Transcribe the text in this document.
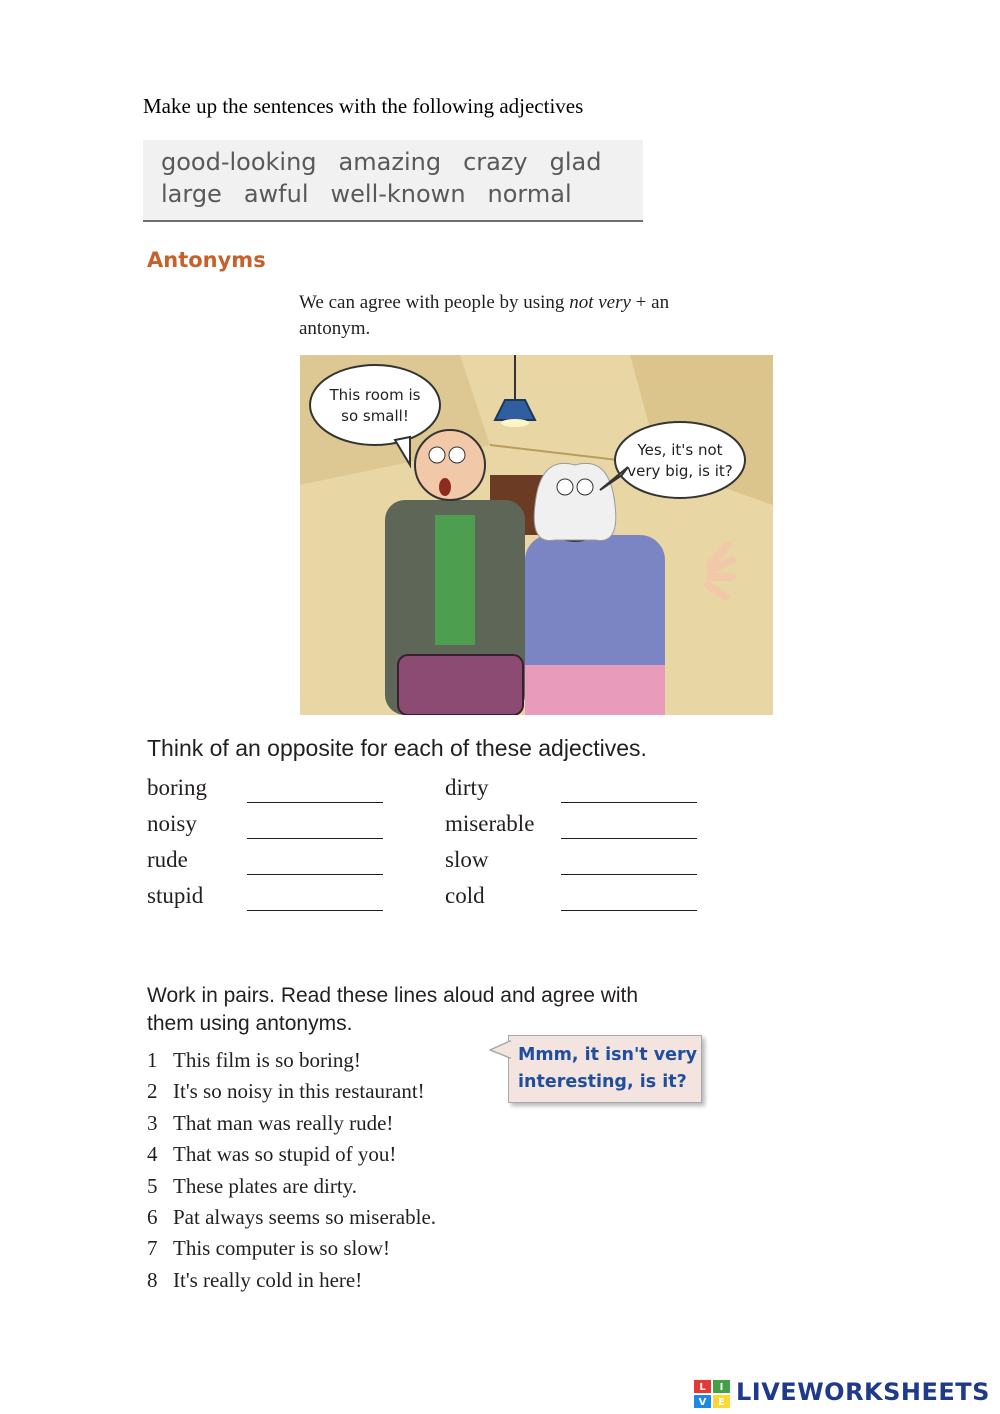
Make up the sentences with the following adjectives
good-looking amazing crazy glad
large awful well-known normal
Antonyms
We can agree with people by using not very + an antonym.
This room is
so small!
Yes, it's not
very big, is it?
Think of an opposite for each of these adjectives.
boring	dirty
noisy	miserable
rude	slow
stupid	cold
Work in pairs. Read these lines aloud and agree with them using antonyms.
1 This film is so boring!
2 It's so noisy in this restaurant!
3 That man was really rude!
4 That was so stupid of you!
5 These plates are dirty.
6 Pat always seems so miserable.
7 This computer is so slow!
8 It's really cold in here!
Mmm, it isn't very
interesting, is it?
L I
V E LIVEWORKSHEETS
